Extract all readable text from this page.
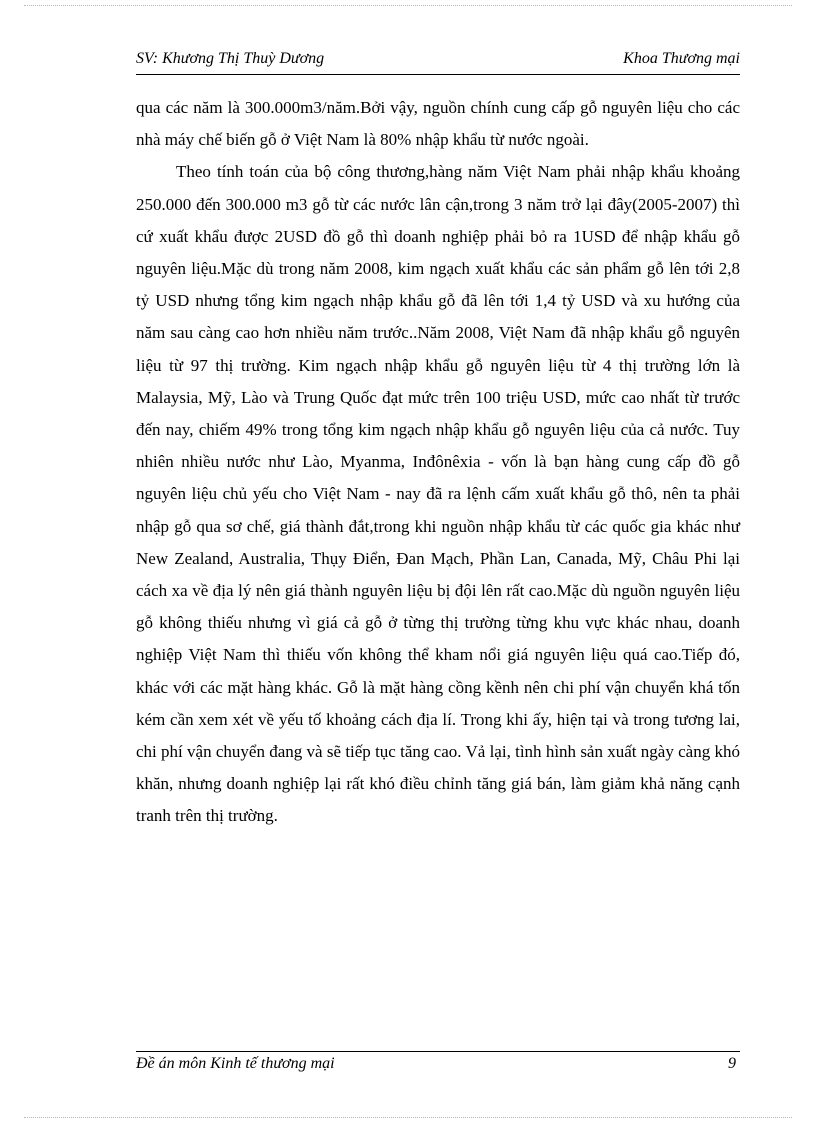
SV: Khương Thị Thuỳ Dương	Khoa Thương mại

qua các năm là 300.000m3/năm.Bởi vậy, nguồn chính cung cấp gỗ nguyên liệu cho các nhà máy chế biến gỗ ở Việt Nam là 80% nhập khẩu từ nước ngoài.

Theo tính toán của bộ công thương,hàng năm Việt Nam phải nhập khẩu khoảng 250.000 đến 300.000 m3 gỗ từ các nước lân cận,trong 3 năm trở lại đây(2005-2007) thì cứ xuất khẩu được 2USD đồ gỗ thì doanh nghiệp phải bỏ ra 1USD để nhập khẩu gỗ nguyên liệu.Mặc dù trong năm 2008, kim ngạch xuất khẩu các sản phẩm gỗ lên tới 2,8 tỷ USD nhưng tổng kim ngạch nhập khẩu gỗ đã lên tới 1,4 tỷ USD và xu hướng của năm sau càng cao hơn nhiều năm trước..Năm 2008, Việt Nam đã nhập khẩu gỗ nguyên liệu từ 97 thị trường. Kim ngạch nhập khẩu gỗ nguyên liệu từ 4 thị trường lớn là Malaysia, Mỹ, Lào và Trung Quốc đạt mức trên 100 triệu USD, mức cao nhất từ trước đến nay, chiếm 49% trong tổng kim ngạch nhập khẩu gỗ nguyên liệu của cả nước. Tuy nhiên nhiều nước như Lào, Myanma, Inđônêxia - vốn là bạn hàng cung cấp đồ gỗ nguyên liệu chủ yếu cho Việt Nam - nay đã ra lệnh cấm xuất khẩu gỗ thô, nên ta phải nhập gỗ qua sơ chế, giá thành đắt,trong khi nguồn nhập khẩu từ các quốc gia khác như New Zealand, Australia, Thụy Điển, Đan Mạch, Phần Lan, Canada, Mỹ, Châu Phi lại cách xa về địa lý nên giá thành nguyên liệu bị đội lên rất cao.Mặc dù nguồn nguyên liệu gỗ không thiếu nhưng vì giá cả gỗ ở từng thị trường từng khu vực khác nhau, doanh nghiệp Việt Nam thì thiếu vốn không thể kham nổi giá nguyên liệu quá cao.Tiếp đó, khác với các mặt hàng khác. Gỗ là mặt hàng cồng kềnh nên chi phí vận chuyển khá tốn kém cần xem xét về yếu tố khoảng cách địa lí. Trong khi ấy, hiện tại và trong tương lai, chi phí vận chuyển đang và sẽ tiếp tục tăng cao. Vả lại, tình hình sản xuất ngày càng khó khăn, nhưng doanh nghiệp lại rất khó điều chỉnh tăng giá bán, làm giảm khả năng cạnh tranh trên thị trường.

Đề án môn Kinh tế thương mại	9
